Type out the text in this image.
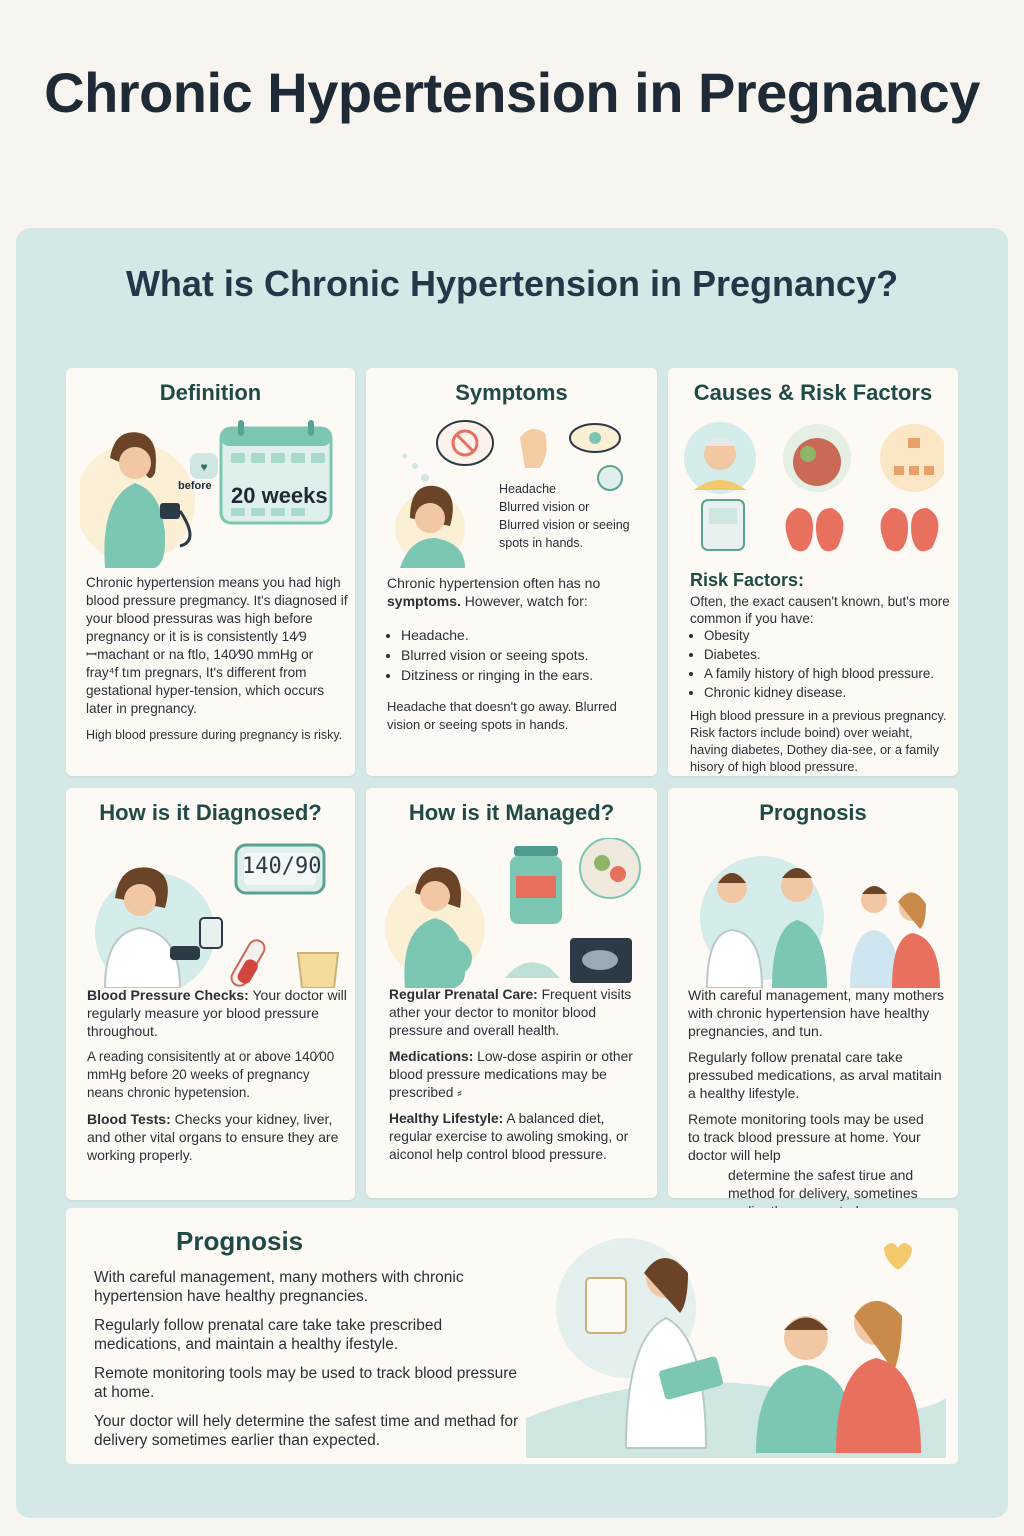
Chronic Hypertension in Pregnancy
What is Chronic Hypertension in Pregnancy?
Definition
♥
before 20 weeks

Chronic hypertension means you had high blood pressure pregmancy. It's diagnosed if your blood pressuras was high before pregnancy or it is is consistently 14⁄9 ꟷmachant or na ftlo, 140⁄90 mmHg or fray⁴f tım pregnars, It's different from gestational hyper-tension, which occurs later in pregnancy.

High blood pressure during pregnancy is risky.

Symptoms
Headache
Blurred vision or
Blurred vision or seeing
spots in hands.

Chronic hypertension often has no symptoms. However, watch for:

• Headache.
• Blurred vision or seeing spots.
• Ditziness or ringing in the ears.

Headache that doesn't go away. Blurred vision or seeing spots in hands.

Causes & Risk Factors
Risk Factors:

Often, the exact causen't known, but's more common if you have:

• Obesity
• Diabetes.
• A family history of high blood pressure.
• Chronic kidney disease.

High blood pressure in a previous pregnancy. Risk factors include boind) over weiaht, having diabetes, Dothey dia-see, or a family hisory of high blood pressure.

How is it Diagnosed?
140/90

Blood Pressure Checks: Your doctor will regularly measure yor blood pressure throughout.

A reading consisitently at or above 140⁄00 mmHg before 20 weeks of pregnancy neans chronic hypetension.

Blood Tests: Checks your kidney, liver, and other vital organs to ensure they are working properly.

How is it Managed?

Regular Prenatal Care: Frequent visits ather your dector to monitor blood pressure and overall health.

Medications: Low-dose aspirin or other blood pressure medications may be prescribed ⸗

Healthy Lifestyle: A balanced diet, regular exercise to awoling smoking, or aiconol help control blood pressure.

Prognosis

With careful management, many mothers with chronic hypertension have healthy pregnancies, and tun.

Regularly follow prenatal care take pressubed medications, as arval matitain a healthy lifestyle.

Remote monitoring tools may be used to track blood pressure at home. Your doctor will help

determine the safest tirue and method for delivery, sometines

Prognosis

With careful management, many mothers with chronic hypertension have healthy pregnancies.

Regularly follow prenatal care take take prescribed medications, and maintain a healthy ifestyle.

Remote monitoring tools may be used to track blood pressure at home.

Your doctor will hely determine the safest time and methad for delivery sometimes earlier than expected.
